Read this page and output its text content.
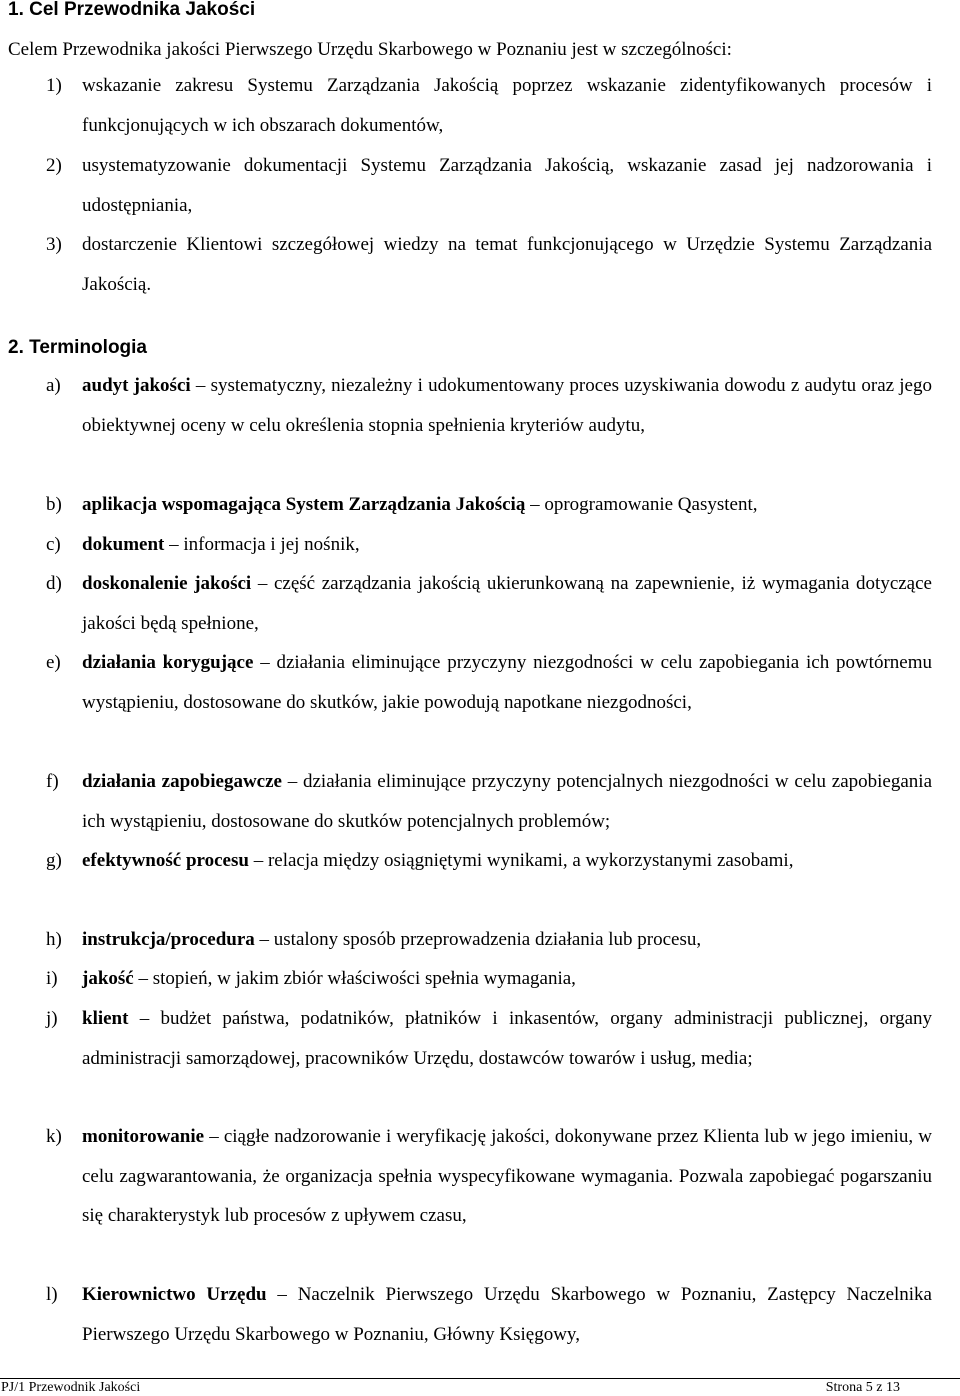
1. Cel Przewodnika Jakości
Celem Przewodnika jakości Pierwszego Urzędu Skarbowego w Poznaniu jest w szczególności:
1) wskazanie zakresu Systemu Zarządzania Jakością poprzez wskazanie zidentyfikowanych procesów i funkcjonujących w ich obszarach dokumentów,
2) usystematyzowanie dokumentacji Systemu Zarządzania Jakością, wskazanie zasad jej nadzorowania i udostępniania,
3) dostarczenie Klientowi szczegółowej wiedzy na temat funkcjonującego w Urzędzie Systemu Zarządzania Jakością.
2. Terminologia
a) audyt jakości – systematyczny, niezależny i udokumentowany proces uzyskiwania dowodu z audytu oraz jego obiektywnej oceny w celu określenia stopnia spełnienia kryteriów audytu,
b) aplikacja wspomagająca System Zarządzania Jakością – oprogramowanie Qasystent,
c) dokument – informacja i jej nośnik,
d) doskonalenie jakości – część zarządzania jakością ukierunkowaną na zapewnienie, iż wymagania dotyczące jakości będą spełnione,
e) działania korygujące – działania eliminujące przyczyny niezgodności w celu zapobiegania ich powtórnemu wystąpieniu, dostosowane do skutków, jakie powodują napotkane niezgodności,
f) działania zapobiegawcze – działania eliminujące przyczyny potencjalnych niezgodności w celu zapobiegania ich wystąpieniu, dostosowane do skutków potencjalnych problemów;
g) efektywność procesu – relacja między osiągniętymi wynikami, a wykorzystanymi zasobami,
h) instrukcja/procedura – ustalony sposób przeprowadzenia działania lub procesu,
i) jakość – stopień, w jakim zbiór właściwości spełnia wymagania,
j) klient – budżet państwa, podatników, płatników i inkasentów, organy administracji publicznej, organy administracji samorządowej, pracowników Urzędu, dostawców towarów i usług, media;
k) monitorowanie – ciągłe nadzorowanie i weryfikację jakości, dokonywane przez Klienta lub w jego imieniu, w celu zagwarantowania, że organizacja spełnia wyspecyfikowane wymagania. Pozwala zapobiegać pogarszaniu się charakterystyk lub procesów z upływem czasu,
l) Kierownictwo Urzędu – Naczelnik Pierwszego Urzędu Skarbowego w Poznaniu, Zastępcy Naczelnika Pierwszego Urzędu Skarbowego w Poznaniu, Główny Księgowy,
PJ/1 Przewodnik Jakości	Strona 5 z 13
